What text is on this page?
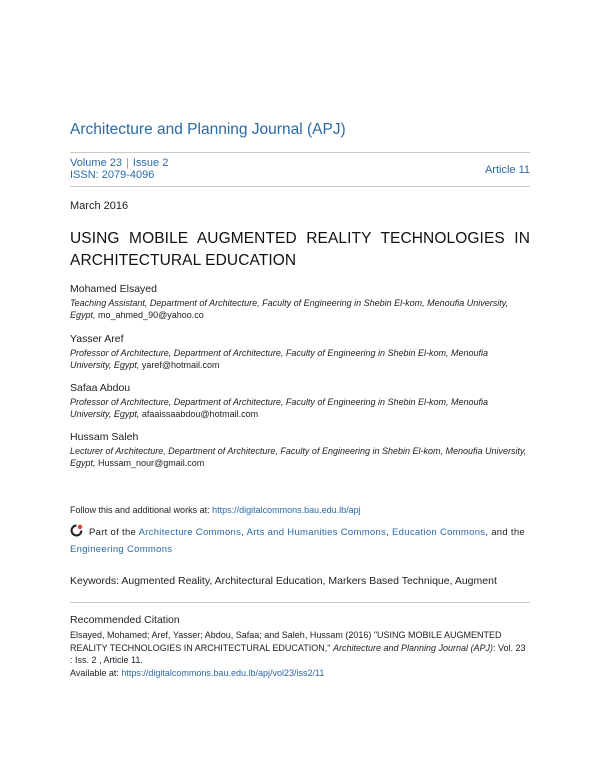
Architecture and Planning Journal (APJ)
Volume 23 | Issue 2
ISSN: 2079-4096	Article 11
March 2016
USING MOBILE AUGMENTED REALITY TECHNOLOGIES IN ARCHITECTURAL EDUCATION
Mohamed Elsayed
Teaching Assistant, Department of Architecture, Faculty of Engineering in Shebin El-kom, Menoufia University, Egypt, mo_ahmed_90@yahoo.co
Yasser Aref
Professor of Architecture, Department of Architecture, Faculty of Engineering in Shebin El-kom, Menoufia University, Egypt, yaref@hotmail.com
Safaa Abdou
Professor of Architecture, Department of Architecture, Faculty of Engineering in Shebin El-kom, Menoufia University, Egypt, afaaissaabdou@hotmail.com
Hussam Saleh
Lecturer of Architecture, Department of Architecture, Faculty of Engineering in Shebin El-kom, Menoufia University, Egypt, Hussam_nour@gmail.com
Follow this and additional works at: https://digitalcommons.bau.edu.lb/apj
Part of the Architecture Commons, Arts and Humanities Commons, Education Commons, and the Engineering Commons
Keywords: Augmented Reality, Architectural Education, Markers Based Technique, Augment
Recommended Citation
Elsayed, Mohamed; Aref, Yasser; Abdou, Safaa; and Saleh, Hussam (2016) "USING MOBILE AUGMENTED REALITY TECHNOLOGIES IN ARCHITECTURAL EDUCATION," Architecture and Planning Journal (APJ): Vol. 23 : Iss. 2 , Article 11.
Available at: https://digitalcommons.bau.edu.lb/apj/vol23/iss2/11
